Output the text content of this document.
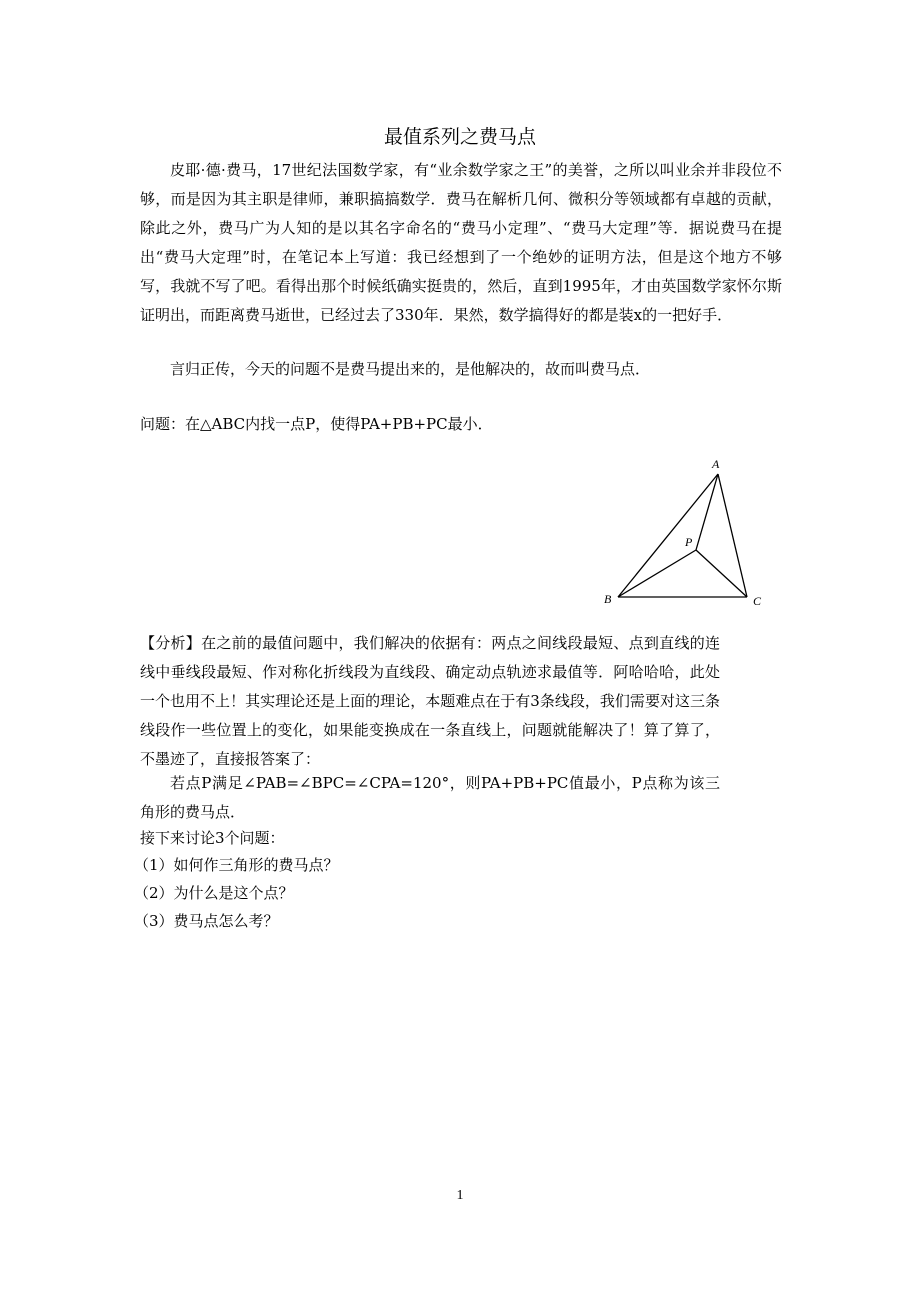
最值系列之费马点

皮耶·德·费马，17世纪法国数学家，有“业余数学家之王”的美誉，之所以叫业余并非段位不够，而是因为其主职是律师，兼职搞搞数学．费马在解析几何、微积分等领域都有卓越的贡献，除此之外，费马广为人知的是以其名字命名的“费马小定理”、“费马大定理”等．据说费马在提出“费马大定理”时，在笔记本上写道：我已经想到了一个绝妙的证明方法，但是这个地方不够写，我就不写了吧。看得出那个时候纸确实挺贵的，然后，直到1995年，才由英国数学家怀尔斯证明出，而距离费马逝世，已经过去了330年．果然，数学搞得好的都是装x的一把好手．

言归正传，今天的问题不是费马提出来的，是他解决的，故而叫费马点．

问题：在△ABC内找一点P，使得PA+PB+PC最小．

A
B	C
P

【分析】在之前的最值问题中，我们解决的依据有：两点之间线段最短、点到直线的连线中垂线段最短、作对称化折线段为直线段、确定动点轨迹求最值等．阿哈哈哈，此处一个也用不上！其实理论还是上面的理论，本题难点在于有3条线段，我们需要对这三条线段作一些位置上的变化，如果能变换成在一条直线上，问题就能解决了！算了算了，不墨迹了，直接报答案了：

若点P满足∠PAB=∠BPC=∠CPA=120°，则PA+PB+PC值最小，P点称为该三角形的费马点．

接下来讨论3个问题：

（1）如何作三角形的费马点？

（2）为什么是这个点？

（3）费马点怎么考？

1
